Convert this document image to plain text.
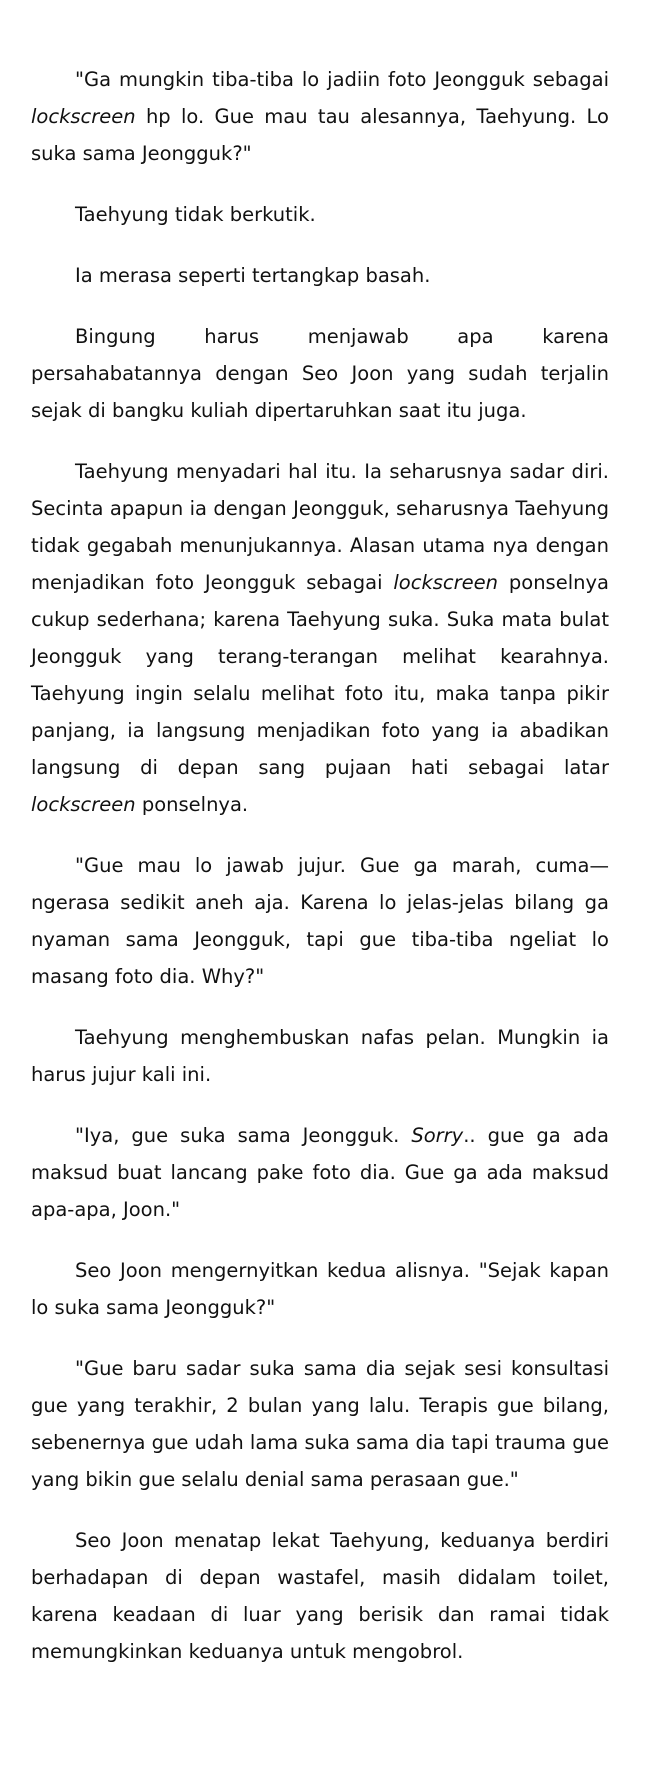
"Ga mungkin tiba-tiba lo jadiin foto Jeongguk sebagai lockscreen hp lo. Gue mau tau alesannya, Taehyung. Lo suka sama Jeongguk?"

Taehyung tidak berkutik.

Ia merasa seperti tertangkap basah.

Bingung harus menjawab apa karena persahabatannya dengan Seo Joon yang sudah terjalin sejak di bangku kuliah dipertaruhkan saat itu juga.

Taehyung menyadari hal itu. Ia seharusnya sadar diri. Secinta apapun ia dengan Jeongguk, seharusnya Taehyung tidak gegabah menunjukannya. Alasan utama nya dengan menjadikan foto Jeongguk sebagai lockscreen ponselnya cukup sederhana; karena Taehyung suka. Suka mata bulat Jeongguk yang terang-terangan melihat kearahnya. Taehyung ingin selalu melihat foto itu, maka tanpa pikir panjang, ia langsung menjadikan foto yang ia abadikan langsung di depan sang pujaan hati sebagai latar lockscreen ponselnya.

"Gue mau lo jawab jujur. Gue ga marah, cuma—ngerasa sedikit aneh aja. Karena lo jelas-jelas bilang ga nyaman sama Jeongguk, tapi gue tiba-tiba ngeliat lo masang foto dia. Why?"

Taehyung menghembuskan nafas pelan. Mungkin ia harus jujur kali ini.

"Iya, gue suka sama Jeongguk. Sorry.. gue ga ada maksud buat lancang pake foto dia. Gue ga ada maksud apa-apa, Joon."

Seo Joon mengernyitkan kedua alisnya. "Sejak kapan lo suka sama Jeongguk?"

"Gue baru sadar suka sama dia sejak sesi konsultasi gue yang terakhir, 2 bulan yang lalu. Terapis gue bilang, sebenernya gue udah lama suka sama dia tapi trauma gue yang bikin gue selalu denial sama perasaan gue."

Seo Joon menatap lekat Taehyung, keduanya berdiri berhadapan di depan wastafel, masih didalam toilet, karena keadaan di luar yang berisik dan ramai tidak memungkinkan keduanya untuk mengobrol.
